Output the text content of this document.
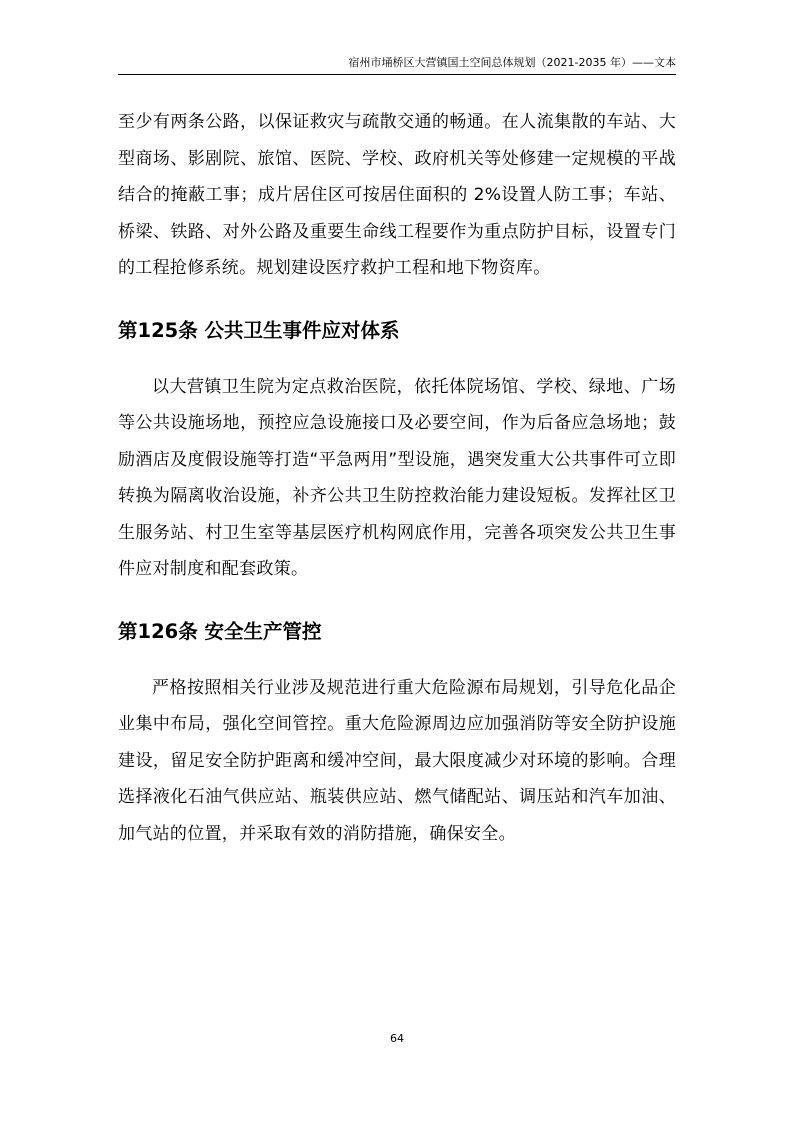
宿州市埇桥区大营镇国土空间总体规划（2021-2035 年）——文本

至少有两条公路，以保证救灾与疏散交通的畅通。在人流集散的车站、大型商场、影剧院、旅馆、医院、学校、政府机关等处修建一定规模的平战结合的掩蔽工事；成片居住区可按居住面积的 2%设置人防工事；车站、桥梁、铁路、对外公路及重要生命线工程要作为重点防护目标，设置专门的工程抢修系统。规划建设医疗救护工程和地下物资库。

第125条 公共卫生事件应对体系

以大营镇卫生院为定点救治医院，依托体院场馆、学校、绿地、广场等公共设施场地，预控应急设施接口及必要空间，作为后备应急场地；鼓励酒店及度假设施等打造“平急两用”型设施，遇突发重大公共事件可立即转换为隔离收治设施，补齐公共卫生防控救治能力建设短板。发挥社区卫生服务站、村卫生室等基层医疗机构网底作用，完善各项突发公共卫生事件应对制度和配套政策。

第126条 安全生产管控

严格按照相关行业涉及规范进行重大危险源布局规划，引导危化品企业集中布局，强化空间管控。重大危险源周边应加强消防等安全防护设施建设，留足安全防护距离和缓冲空间，最大限度减少对环境的影响。合理选择液化石油气供应站、瓶装供应站、燃气储配站、调压站和汽车加油、加气站的位置，并采取有效的消防措施，确保安全。

64
